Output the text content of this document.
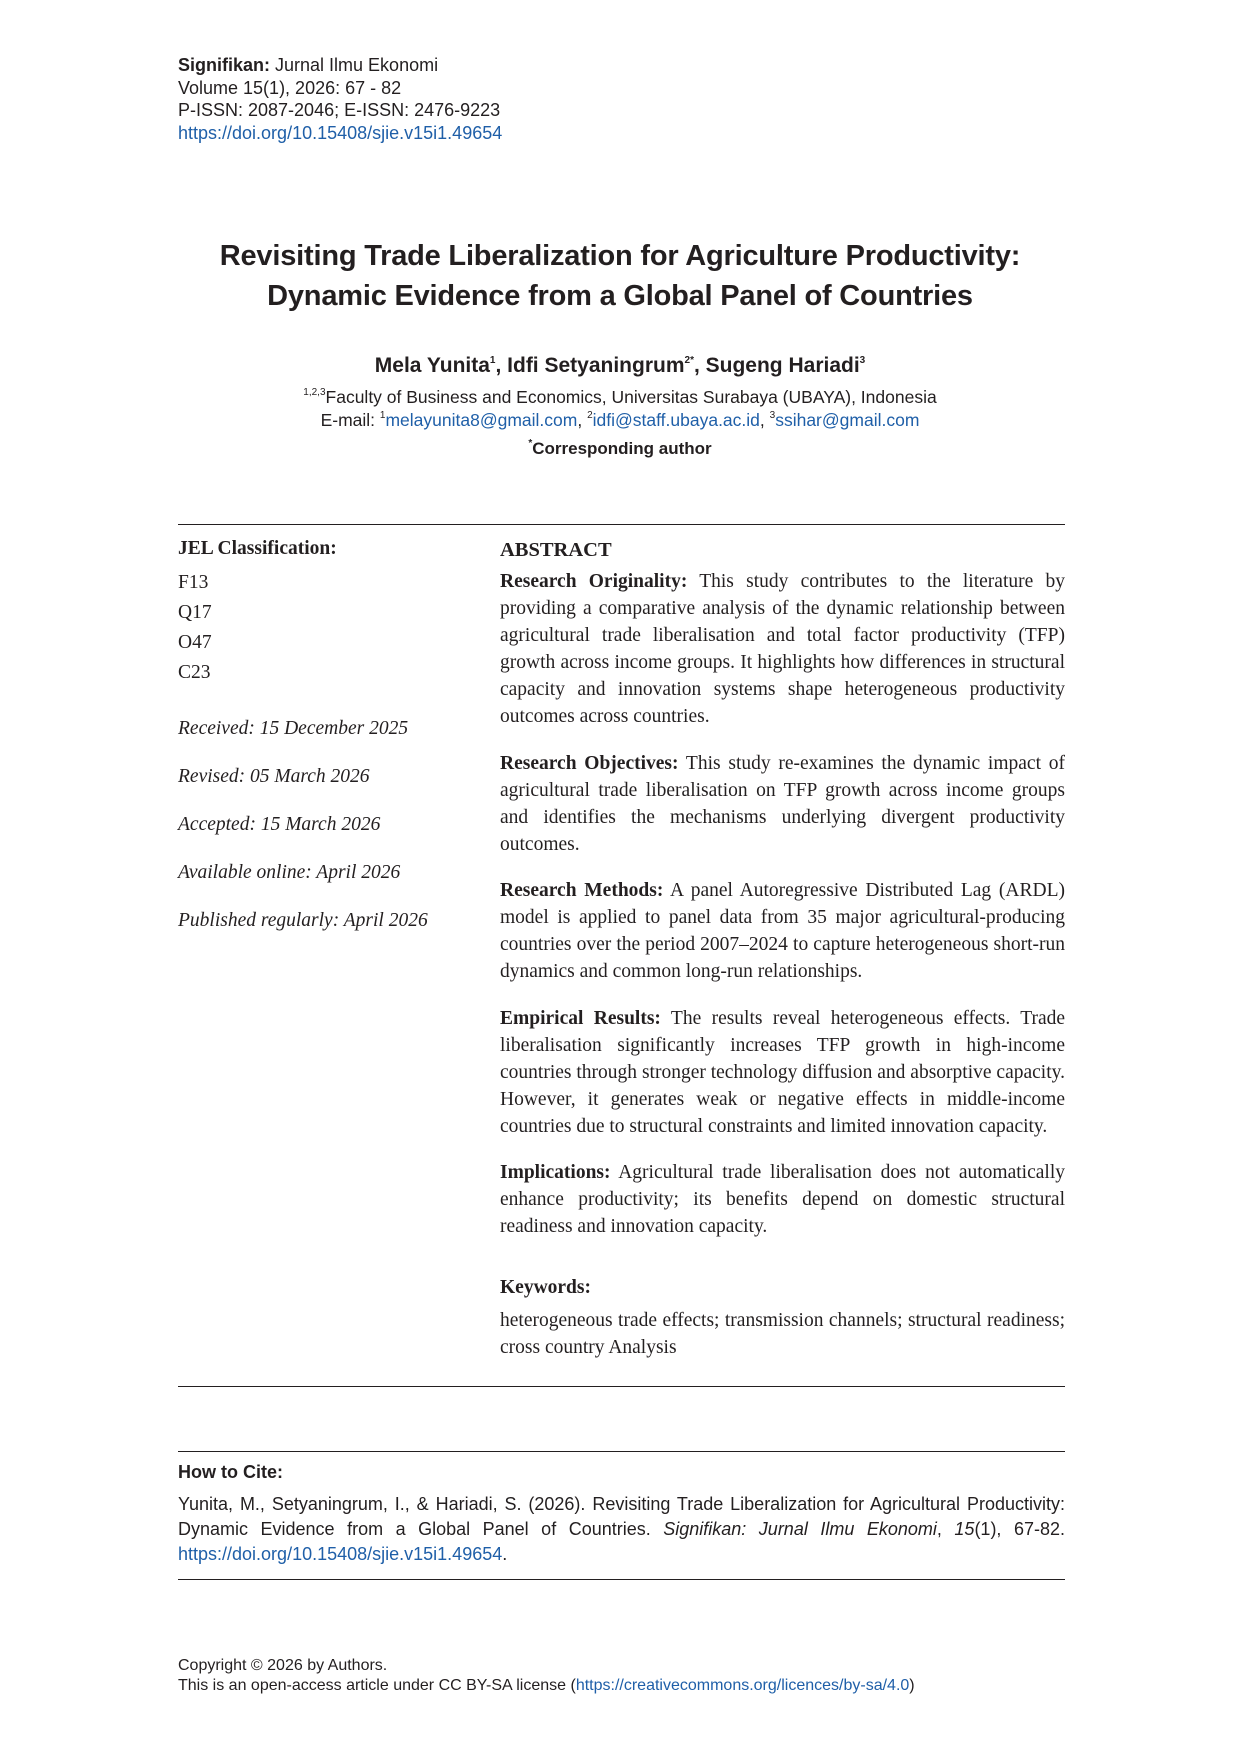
Signifikan: Jurnal Ilmu Ekonomi
Volume 15(1), 2026: 67 - 82
P-ISSN: 2087-2046; E-ISSN: 2476-9223
https://doi.org/10.15408/sjie.v15i1.49654
Revisiting Trade Liberalization for Agriculture Productivity:
Dynamic Evidence from a Global Panel of Countries
Mela Yunita$^1$, Idfi Setyaningrum$^{2*}$, Sugeng Hariadi$^3$
$^{1,2,3}$Faculty of Business and Economics, Universitas Surabaya (UBAYA), Indonesia
E-mail: $^1$melayunita8@gmail.com, $^2$idfi@staff.ubaya.ac.id, $^3$ssihar@gmail.com
*Corresponding author
JEL Classification:
F13
Q17
O47
C23
Received: 15 December 2025
Revised: 05 March 2026
Accepted: 15 March 2026
Available online: April 2026
Published regularly: April 2026
ABSTRACT

Research Originality: This study contributes to the literature by providing a comparative analysis of the dynamic relationship between agricultural trade liberalisation and total factor productivity (TFP) growth across income groups. It highlights how differences in structural capacity and innovation systems shape heterogeneous productivity outcomes across countries.

Research Objectives: This study re-examines the dynamic impact of agricultural trade liberalisation on TFP growth across income groups and identifies the mechanisms underlying divergent productivity outcomes.

Research Methods: A panel Autoregressive Distributed Lag (ARDL) model is applied to panel data from 35 major agricultural-producing countries over the period 2007–2024 to capture heterogeneous short-run dynamics and common long-run relationships.

Empirical Results: The results reveal heterogeneous effects. Trade liberalisation significantly increases TFP growth in high-income countries through stronger technology diffusion and absorptive capacity. However, it generates weak or negative effects in middle-income countries due to structural constraints and limited innovation capacity.

Implications: Agricultural trade liberalisation does not automatically enhance productivity; its benefits depend on domestic structural readiness and innovation capacity.

Keywords:
heterogeneous trade effects; transmission channels; structural readiness; cross country Analysis
How to Cite:
Yunita, M., Setyaningrum, I., & Hariadi, S. (2026). Revisiting Trade Liberalization for Agricultural Productivity: Dynamic Evidence from a Global Panel of Countries. Signifikan: Jurnal Ilmu Ekonomi, 15(1), 67-82. https://doi.org/10.15408/sjie.v15i1.49654.
Copyright © 2026 by Authors.
This is an open-access article under CC BY-SA license (https://creativecommons.org/licences/by-sa/4.0)
